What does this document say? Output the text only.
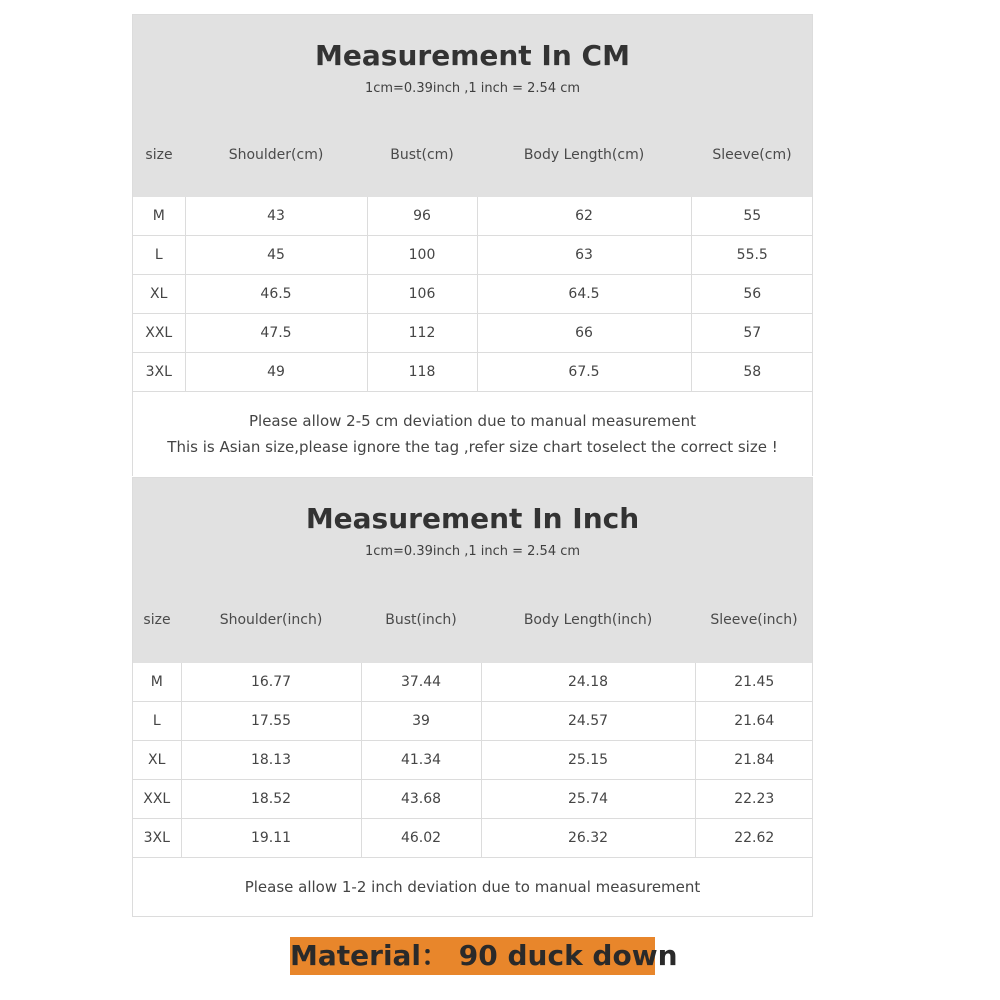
Measurement In CM
1cm=0.39inch ,1 inch = 2.54 cm
size	Shoulder(cm)	Bust(cm)	Body Length(cm)	Sleeve(cm)
M	43	96	62	55
L	45	100	63	55.5
XL	46.5	106	64.5	56
XXL	47.5	112	66	57
3XL	49	118	67.5	58
Please allow 2-5 cm deviation due to manual measurement
This is Asian size,please ignore the tag ,refer size chart toselect the correct size !
Measurement In Inch
1cm=0.39inch ,1 inch = 2.54 cm
size	Shoulder(inch)	Bust(inch)	Body Length(inch)	Sleeve(inch)
M	16.77	37.44	24.18	21.45
L	17.55	39	24.57	21.64
XL	18.13	41.34	25.15	21.84
XXL	18.52	43.68	25.74	22.23
3XL	19.11	46.02	26.32	22.62
Please allow 1-2 inch deviation due to manual measurement
Material： 90 duck down
